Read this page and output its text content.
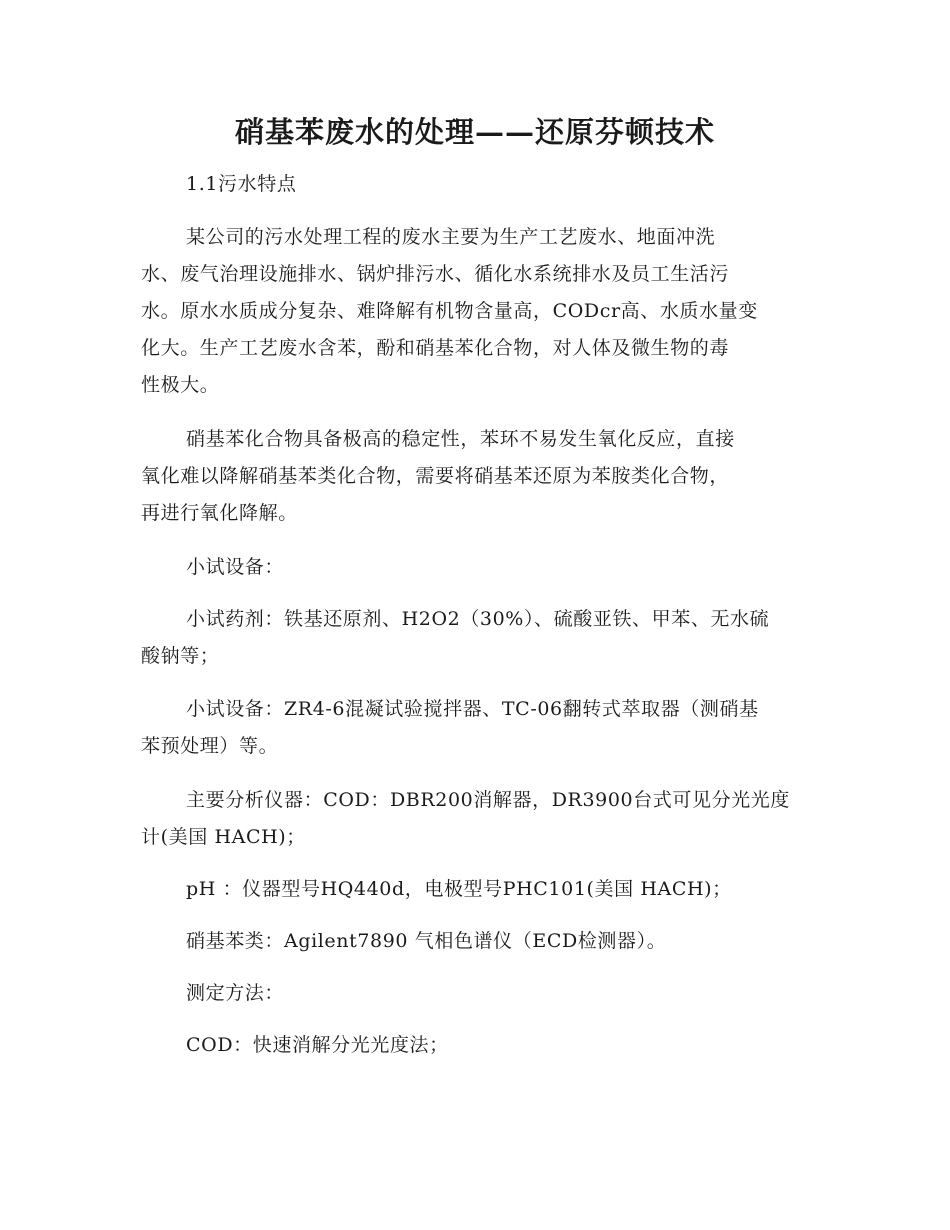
硝基苯废水的处理——还原芬顿技术
1.1污水特点
某公司的污水处理工程的废水主要为生产工艺废水、地面冲洗
水、废气治理设施排水、锅炉排污水、循化水系统排水及员工生活污
水。原水水质成分复杂、难降解有机物含量高，CODcr高、水质水量变
化大。生产工艺废水含苯，酚和硝基苯化合物，对人体及微生物的毒
性极大。
硝基苯化合物具备极高的稳定性，苯环不易发生氧化反应，直接
氧化难以降解硝基苯类化合物，需要将硝基苯还原为苯胺类化合物，
再进行氧化降解。
小试设备：
小试药剂：铁基还原剂、H2O2（30%）、硫酸亚铁、甲苯、无水硫
酸钠等；
小试设备：ZR4-6混凝试验搅拌器、TC-06翻转式萃取器（测硝基
苯预处理）等。
主要分析仪器：COD：DBR200消解器，DR3900台式可见分光光度
计(美国 HACH)；
pH ：仪器型号HQ440d，电极型号PHC101(美国 HACH)；
硝基苯类：Agilent7890 气相色谱仪（ECD检测器）。
测定方法：
COD：快速消解分光光度法；
